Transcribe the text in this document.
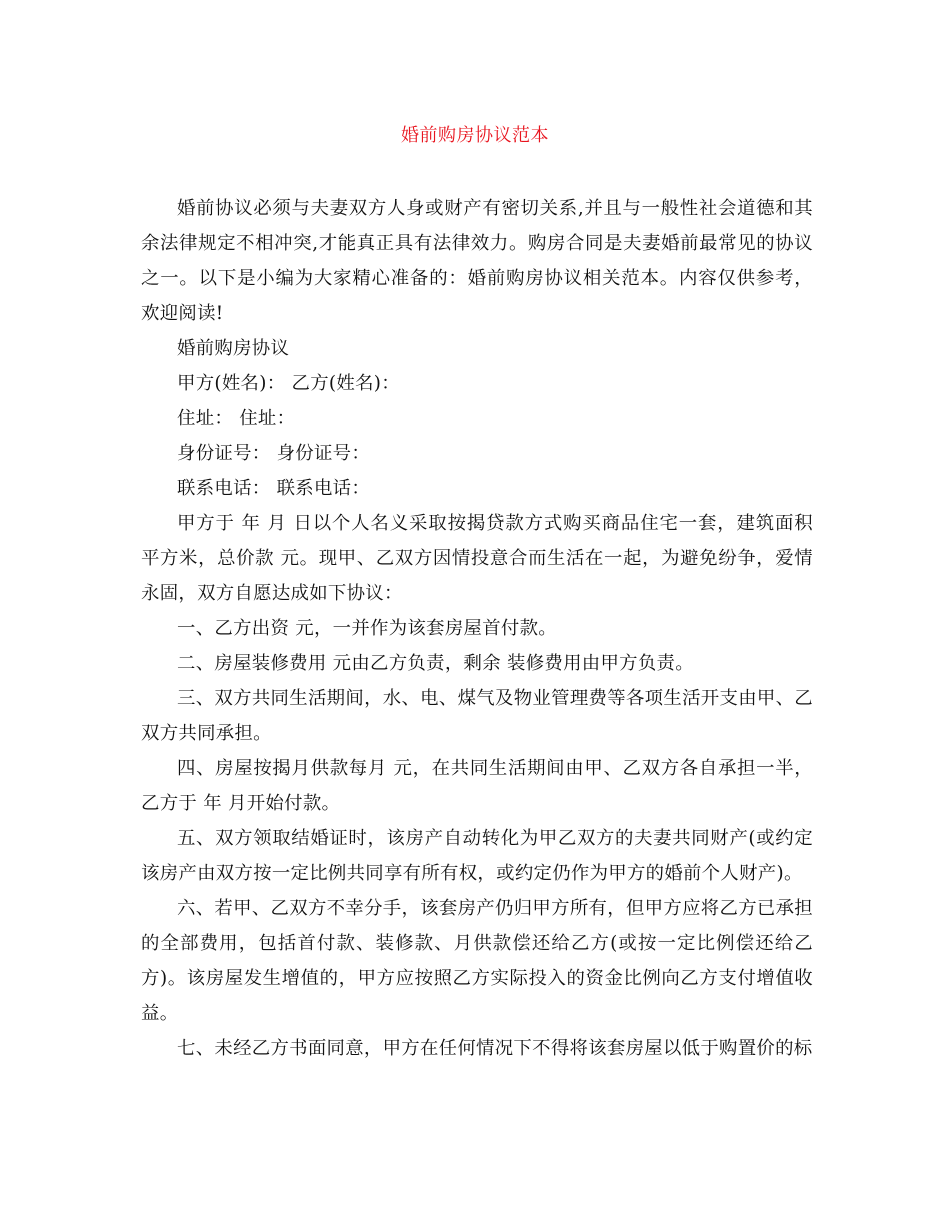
婚前购房协议范本

婚前协议必须与夫妻双方人身或财产有密切关系,并且与一般性社会道德和其余法律规定不相冲突,才能真正具有法律效力。购房合同是夫妻婚前最常见的协议之一。以下是小编为大家精心准备的：婚前购房协议相关范本。内容仅供参考，欢迎阅读!

婚前购房协议

甲方(姓名)： 乙方(姓名)：

住址： 住址：

身份证号： 身份证号：

联系电话： 联系电话：

甲方于 年 月 日以个人名义采取按揭贷款方式购买商品住宅一套，建筑面积 平方米，总价款 元。现甲、乙双方因情投意合而生活在一起，为避免纷争，爱情永固，双方自愿达成如下协议：

一、乙方出资 元，一并作为该套房屋首付款。

二、房屋装修费用 元由乙方负责，剩余 装修费用由甲方负责。

三、双方共同生活期间，水、电、煤气及物业管理费等各项生活开支由甲、乙双方共同承担。

四、房屋按揭月供款每月 元，在共同生活期间由甲、乙双方各自承担一半，乙方于 年 月开始付款。

五、双方领取结婚证时，该房产自动转化为甲乙双方的夫妻共同财产(或约定该房产由双方按一定比例共同享有所有权，或约定仍作为甲方的婚前个人财产)。

六、若甲、乙双方不幸分手，该套房产仍归甲方所有，但甲方应将乙方已承担的全部费用，包括首付款、装修款、月供款偿还给乙方(或按一定比例偿还给乙方)。该房屋发生增值的，甲方应按照乙方实际投入的资金比例向乙方支付增值收益。

七、未经乙方书面同意，甲方在任何情况下不得将该套房屋以低于购置价的标
